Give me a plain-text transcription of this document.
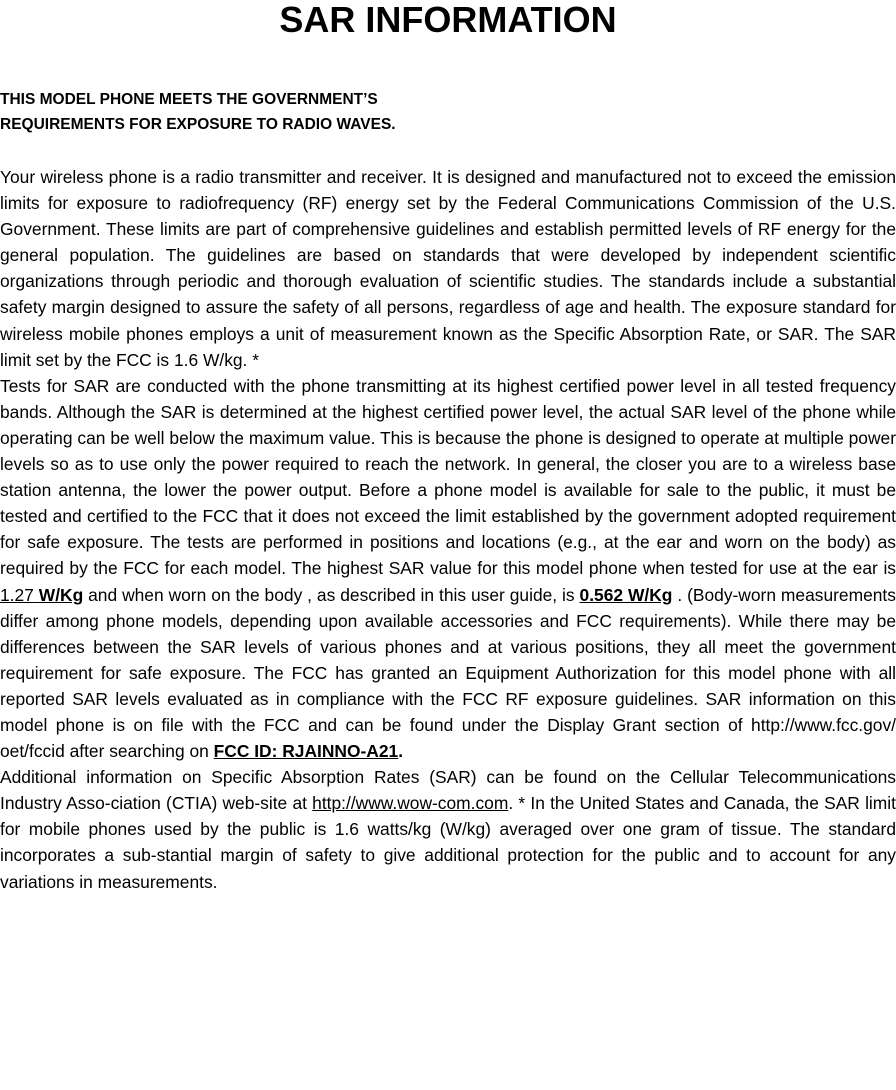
SAR INFORMATION
THIS MODEL PHONE MEETS THE GOVERNMENT’S
REQUIREMENTS FOR EXPOSURE TO RADIO WAVES.

Your wireless phone is a radio transmitter and receiver. It is designed and manufactured not to exceed the emission limits for exposure to radiofrequency (RF) energy set by the Federal Communications Commission of the U.S. Government. These limits are part of comprehensive guidelines and establish permitted levels of RF energy for the general population. The guidelines are based on standards that were developed by independent scientific organizations through periodic and thorough evaluation of scientific studies. The standards include a substantial safety margin designed to assure the safety of all persons, regardless of age and health. The exposure standard for wireless mobile phones employs a unit of measurement known as the Specific Absorption Rate, or SAR. The SAR limit set by the FCC is 1.6 W/kg. *

Tests for SAR are conducted with the phone transmitting at its highest certified power level in all tested frequency bands. Although the SAR is determined at the highest certified power level, the actual SAR level of the phone while operating can be well below the maximum value. This is because the phone is designed to operate at multiple power levels so as to use only the power required to reach the network. In general, the closer you are to a wireless base station antenna, the lower the power output. Before a phone model is available for sale to the public, it must be tested and certified to the FCC that it does not exceed the limit established by the government adopted requirement for safe exposure. The tests are performed in positions and locations (e.g., at the ear and worn on the body) as required by the FCC for each model. The highest SAR value for this model phone when tested for use at the ear is 1.27 W/Kg and when worn on the body , as described in this user guide, is 0.562 W/Kg . (Body-worn measurements differ among phone models, depending upon available accessories and FCC requirements). While there may be differences between the SAR levels of various phones and at various positions, they all meet the government requirement for safe exposure. The FCC has granted an Equipment Authorization for this model phone with all reported SAR levels evaluated as in compliance with the FCC RF exposure guidelines. SAR information on this model phone is on file with the FCC and can be found under the Display Grant section of http://www.fcc.gov/ oet/fccid after searching on FCC ID: RJAINNO-A21.

Additional information on Specific Absorption Rates (SAR) can be found on the Cellular Telecommunications Industry Asso-ciation (CTIA) web-site at http://www.wow-com.com. * In the United States and Canada, the SAR limit for mobile phones used by the public is 1.6 watts/kg (W/kg) averaged over one gram of tissue. The standard incorporates a sub-stantial margin of safety to give additional protection for the public and to account for any variations in measurements.
